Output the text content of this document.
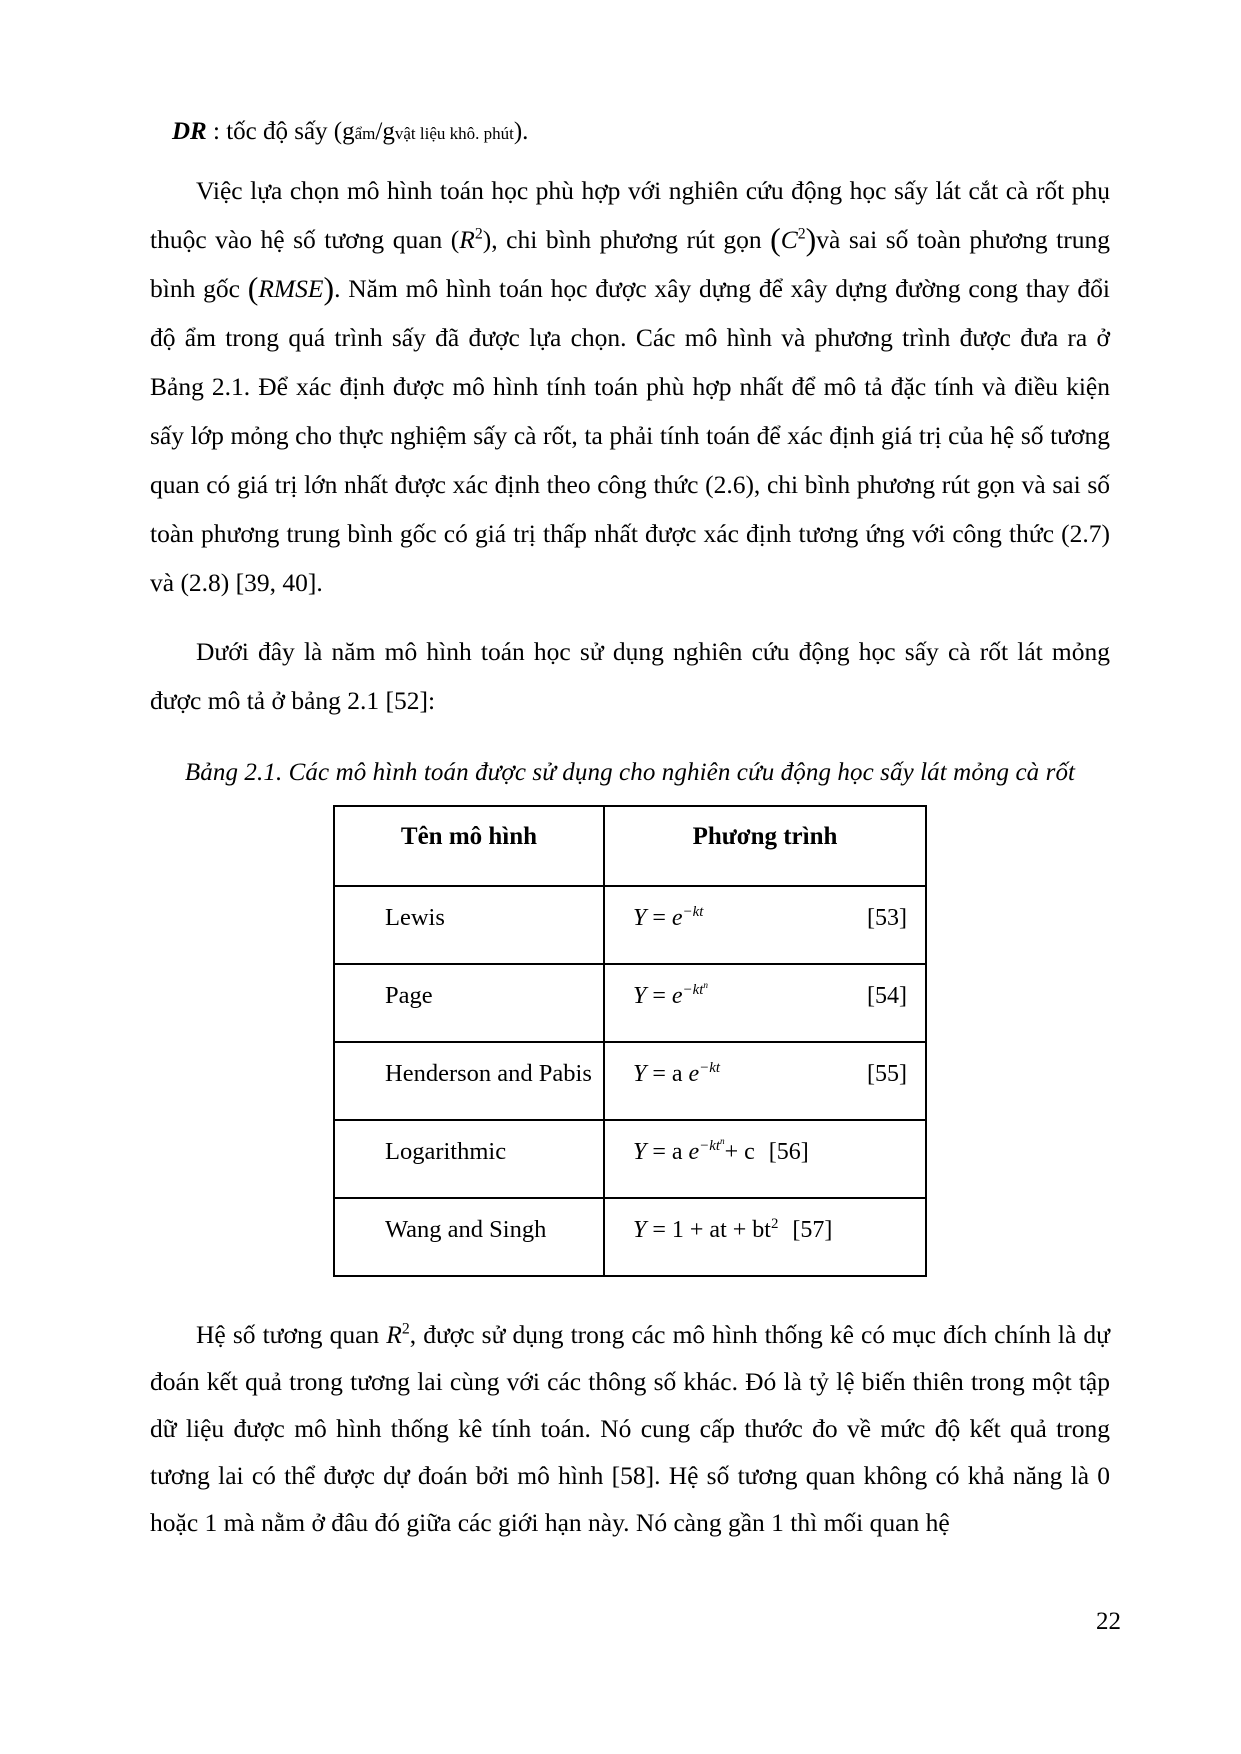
DR : tốc độ sấy (gẩm/gvật liệu khô. phút).

Việc lựa chọn mô hình toán học phù hợp với nghiên cứu động học sấy lát cắt cà rốt phụ thuộc vào hệ số tương quan $(R^2)$, chi bình phương rút gọn $(C^2)và$ sai số toàn phương trung bình gốc (RMSE). Năm mô hình toán học được xây dựng để xây dựng đường cong thay đổi độ ẩm trong quá trình sấy đã được lựa chọn. Các mô hình và phương trình được đưa ra ở Bảng 2.1. Để xác định được mô hình tính toán phù hợp nhất để mô tả đặc tính và điều kiện sấy lớp mỏng cho thực nghiệm sấy cà rốt, ta phải tính toán để xác định giá trị của hệ số tương quan có giá trị lớn nhất được xác định theo công thức (2.6), chi bình phương rút gọn và sai số toàn phương trung bình gốc có giá trị thấp nhất được xác định tương ứng với công thức (2.7) và (2.8) [39, 40].

Dưới đây là năm mô hình toán học sử dụng nghiên cứu động học sấy cà rốt lát mỏng được mô tả ở bảng 2.1 [52]:

Bảng 2.1. Các mô hình toán được sử dụng cho nghiên cứu động học sấy lát mỏng cà rốt
Tên mô hình	Phương trình
Lewis	$Y = e^{-kt}$ [53]

Page	$Y = e^{-kt^n}$ [54]

Henderson and Pabis	Y = a $e^{-kt}$ [55]

Logarithmic	Y = a $e^{-kt^n}+ c$ [56]

Wang and Singh	Y = 1 + at + $bt^2$ [57]

Hệ số tương quan $R^2$, được sử dụng trong các mô hình thống kê có mục đích chính là dự đoán kết quả trong tương lai cùng với các thông số khác. Đó là tỷ lệ biến thiên trong một tập dữ liệu được mô hình thống kê tính toán. Nó cung cấp thước đo về mức độ kết quả trong tương lai có thể được dự đoán bởi mô hình [58]. Hệ số tương quan không có khả năng là 0 hoặc 1 mà nằm ở đâu đó giữa các giới hạn này. Nó càng gần 1 thì mối quan hệ

22
